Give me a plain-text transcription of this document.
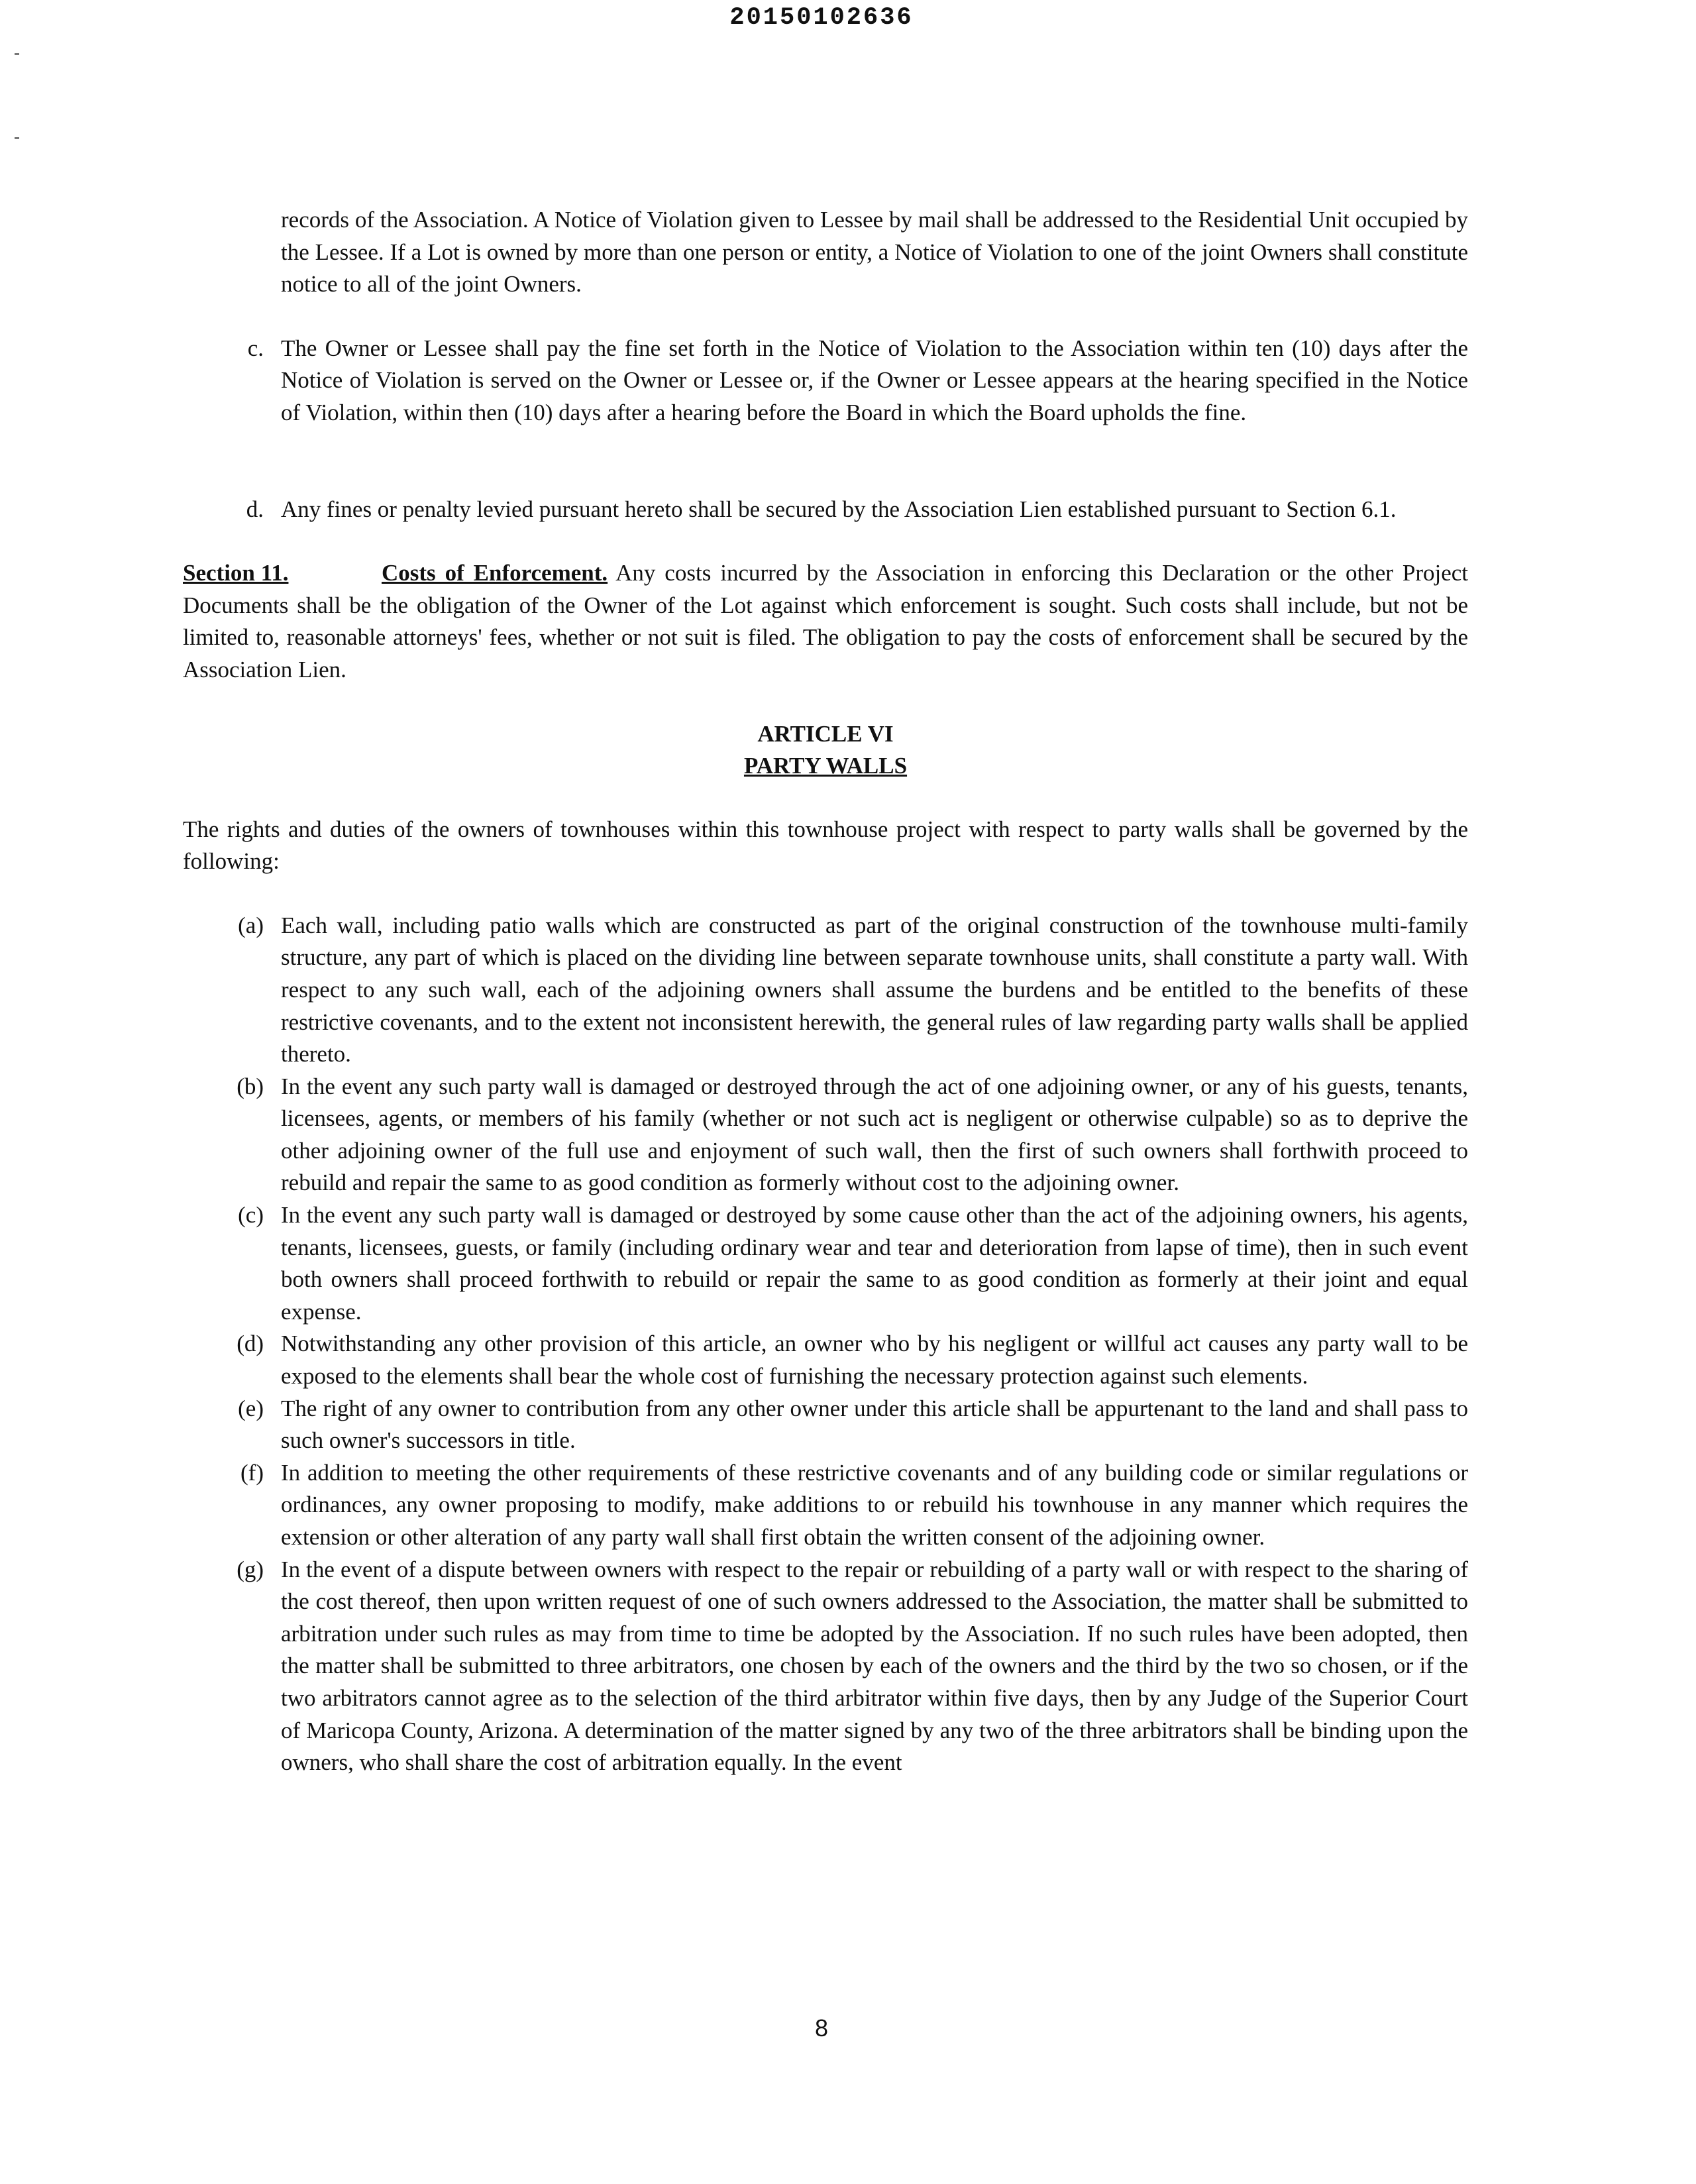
20150102636

records of the Association. A Notice of Violation given to Lessee by mail shall be addressed to the Residential Unit occupied by the Lessee. If a Lot is owned by more than one person or entity, a Notice of Violation to one of the joint Owners shall constitute notice to all of the joint Owners.

c. The Owner or Lessee shall pay the fine set forth in the Notice of Violation to the Association within ten (10) days after the Notice of Violation is served on the Owner or Lessee or, if the Owner or Lessee appears at the hearing specified in the Notice of Violation, within then (10) days after a hearing before the Board in which the Board upholds the fine.
d. Any fines or penalty levied pursuant hereto shall be secured by the Association Lien established pursuant to Section 6.1.

Section 11.	Costs of Enforcement. Any costs incurred by the Association in enforcing this Declaration or the other Project Documents shall be the obligation of the Owner of the Lot against which enforcement is sought. Such costs shall include, but not be limited to, reasonable attorneys' fees, whether or not suit is filed. The obligation to pay the costs of enforcement shall be secured by the Association Lien.

ARTICLE VI
PARTY WALLS

The rights and duties of the owners of townhouses within this townhouse project with respect to party walls shall be governed by the following:

(a) Each wall, including patio walls which are constructed as part of the original construction of the townhouse multi-family structure, any part of which is placed on the dividing line between separate townhouse units, shall constitute a party wall. With respect to any such wall, each of the adjoining owners shall assume the burdens and be entitled to the benefits of these restrictive covenants, and to the extent not inconsistent herewith, the general rules of law regarding party walls shall be applied thereto.
(b) In the event any such party wall is damaged or destroyed through the act of one adjoining owner, or any of his guests, tenants, licensees, agents, or members of his family (whether or not such act is negligent or otherwise culpable) so as to deprive the other adjoining owner of the full use and enjoyment of such wall, then the first of such owners shall forthwith proceed to rebuild and repair the same to as good condition as formerly without cost to the adjoining owner.
(c) In the event any such party wall is damaged or destroyed by some cause other than the act of the adjoining owners, his agents, tenants, licensees, guests, or family (including ordinary wear and tear and deterioration from lapse of time), then in such event both owners shall proceed forthwith to rebuild or repair the same to as good condition as formerly at their joint and equal expense.
(d) Notwithstanding any other provision of this article, an owner who by his negligent or willful act causes any party wall to be exposed to the elements shall bear the whole cost of furnishing the necessary protection against such elements.
(e) The right of any owner to contribution from any other owner under this article shall be appurtenant to the land and shall pass to such owner's successors in title.
(f) In addition to meeting the other requirements of these restrictive covenants and of any building code or similar regulations or ordinances, any owner proposing to modify, make additions to or rebuild his townhouse in any manner which requires the extension or other alteration of any party wall shall first obtain the written consent of the adjoining owner.
(g) In the event of a dispute between owners with respect to the repair or rebuilding of a party wall or with respect to the sharing of the cost thereof, then upon written request of one of such owners addressed to the Association, the matter shall be submitted to arbitration under such rules as may from time to time be adopted by the Association. If no such rules have been adopted, then the matter shall be submitted to three arbitrators, one chosen by each of the owners and the third by the two so chosen, or if the two arbitrators cannot agree as to the selection of the third arbitrator within five days, then by any Judge of the Superior Court of Maricopa County, Arizona. A determination of the matter signed by any two of the three arbitrators shall be binding upon the owners, who shall share the cost of arbitration equally. In the event
8
